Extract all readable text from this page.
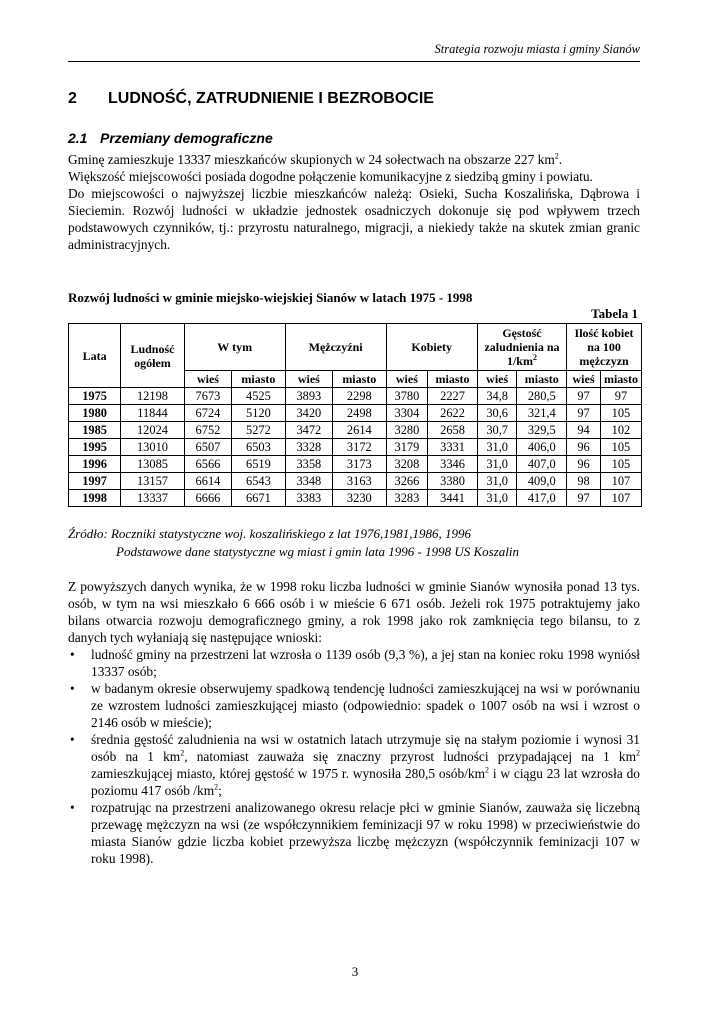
Strategia rozwoju miasta i gminy Sianów
2 LUDNOŚĆ, ZATRUDNIENIE I BEZROBOCIE
2.1 Przemiany demograficzne

Gminę zamieszkuje 13337 mieszkańców skupionych w 24 sołectwach na obszarze 227 $km^2$.

Większość miejscowości posiada dogodne połączenie komunikacyjne z siedzibą gminy i powiatu.

Do miejscowości o najwyższej liczbie mieszkańców należą: Osieki, Sucha Koszalińska, Dąbrowa i Sieciemin. Rozwój ludności w układzie jednostek osadniczych dokonuje się pod wpływem trzech podstawowych czynników, tj.: przyrostu naturalnego, migracji, a niekiedy także na skutek zmian granic administracyjnych.

Rozwój ludności w gminie miejsko-wiejskiej Sianów w latach 1975 - 1998
Tabela 1
Lata	Ludność ogółem	W tym		Mężczyźni		Kobiety		Gęstość zaludnienia na $1/km^2$		Ilość kobiet na 100 mężczyzn	
		wieś	miasto	wieś	miasto	wieś	miasto	wieś	miasto	wieś	miasto
1975	12198	7673	4525	3893	2298	3780	2227	34,8	280,5	97	97
1980	11844	6724	5120	3420	2498	3304	2622	30,6	321,4	97	105
1985	12024	6752	5272	3472	2614	3280	2658	30,7	329,5	94	102
1995	13010	6507	6503	3328	3172	3179	3331	31,0	406,0	96	105
1996	13085	6566	6519	3358	3173	3208	3346	31,0	407,0	96	105
1997	13157	6614	6543	3348	3163	3266	3380	31,0	409,0	98	107
1998	13337	6666	6671	3383	3230	3283	3441	31,0	417,0	97	107
Źródło: Roczniki statystyczne woj. koszalińskiego z lat 1976,1981,1986, 1996
Podstawowe dane statystyczne wg miast i gmin lata 1996 - 1998 US Koszalin

Z powyższych danych wynika, że w 1998 roku liczba ludności w gminie Sianów wynosiła ponad 13 tys. osób, w tym na wsi mieszkało 6 666 osób i w mieście 6 671 osób. Jeżeli rok 1975 potraktujemy jako bilans otwarcia rozwoju demograficznego gminy, a rok 1998 jako rok zamknięcia tego bilansu, to z danych tych wyłaniają się następujące wnioski:

• ludność gminy na przestrzeni lat wzrosła o 1139 osób (9,3 %), a jej stan na koniec roku 1998 wyniósł 13337 osób;
• w badanym okresie obserwujemy spadkową tendencję ludności zamieszkującej na wsi w porównaniu ze wzrostem ludności zamieszkującej miasto (odpowiednio: spadek o 1007 osób na wsi i wzrost o 2146 osób w mieście);
• średnia gęstość zaludnienia na wsi w ostatnich latach utrzymuje się na stałym poziomie i wynosi 31 osób na 1 $km^2$, natomiast zauważa się znaczny przyrost ludności przypadającej na 1 $km^2$ zamieszkującej miasto, której gęstość w 1975 r. wynosiła 280,5 osób/$km^2$ i w ciągu 23 lat wzrosła do poziomu 417 osób $/km^2$;
• rozpatrując na przestrzeni analizowanego okresu relacje płci w gminie Sianów, zauważa się liczebną przewagę mężczyzn na wsi (ze współczynnikiem feminizacji 97 w roku 1998) w przeciwieństwie do miasta Sianów gdzie liczba kobiet przewyższa liczbę mężczyzn (współczynnik feminizacji 107 w roku 1998).
3
